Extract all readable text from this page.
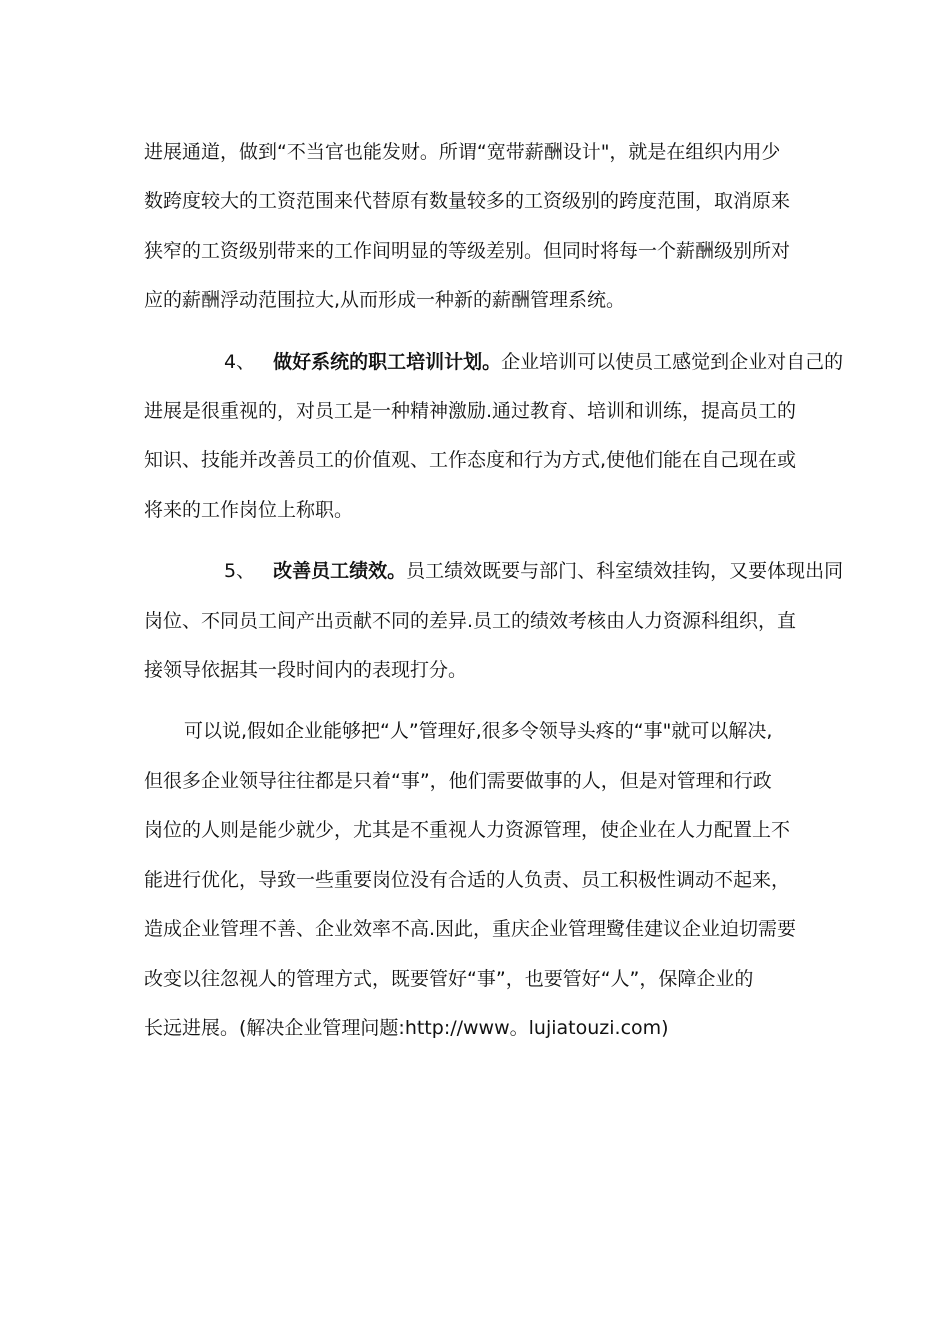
进展通道，做到“不当官也能发财。所谓“宽带薪酬设计"，就是在组织内用少
数跨度较大的工资范围来代替原有数量较多的工资级别的跨度范围，取消原来
狭窄的工资级别带来的工作间明显的等级差别。但同时将每一个薪酬级别所对
应的薪酬浮动范围拉大,从而形成一种新的薪酬管理系统。

4、 做好系统的职工培训计划。企业培训可以使员工感觉到企业对自己的
进展是很重视的，对员工是一种精神激励.通过教育、培训和训练，提高员工的
知识、技能并改善员工的价值观、工作态度和行为方式,使他们能在自己现在或
将来的工作岗位上称职。

5、 改善员工绩效。员工绩效既要与部门、科室绩效挂钩，又要体现出同
岗位、不同员工间产出贡献不同的差异.员工的绩效考核由人力资源科组织，直
接领导依据其一段时间内的表现打分。

可以说,假如企业能够把“人”管理好,很多令领导头疼的“事"就可以解决,
但很多企业领导往往都是只着“事”，他们需要做事的人，但是对管理和行政
岗位的人则是能少就少，尤其是不重视人力资源管理，使企业在人力配置上不
能进行优化，导致一些重要岗位没有合适的人负责、员工积极性调动不起来，
造成企业管理不善、企业效率不高.因此，重庆企业管理鹭佳建议企业迫切需要
改变以往忽视人的管理方式，既要管好“事”，也要管好“人”，保障企业的
长远进展。(解决企业管理问题:http://www。lujiatouzi.com)
